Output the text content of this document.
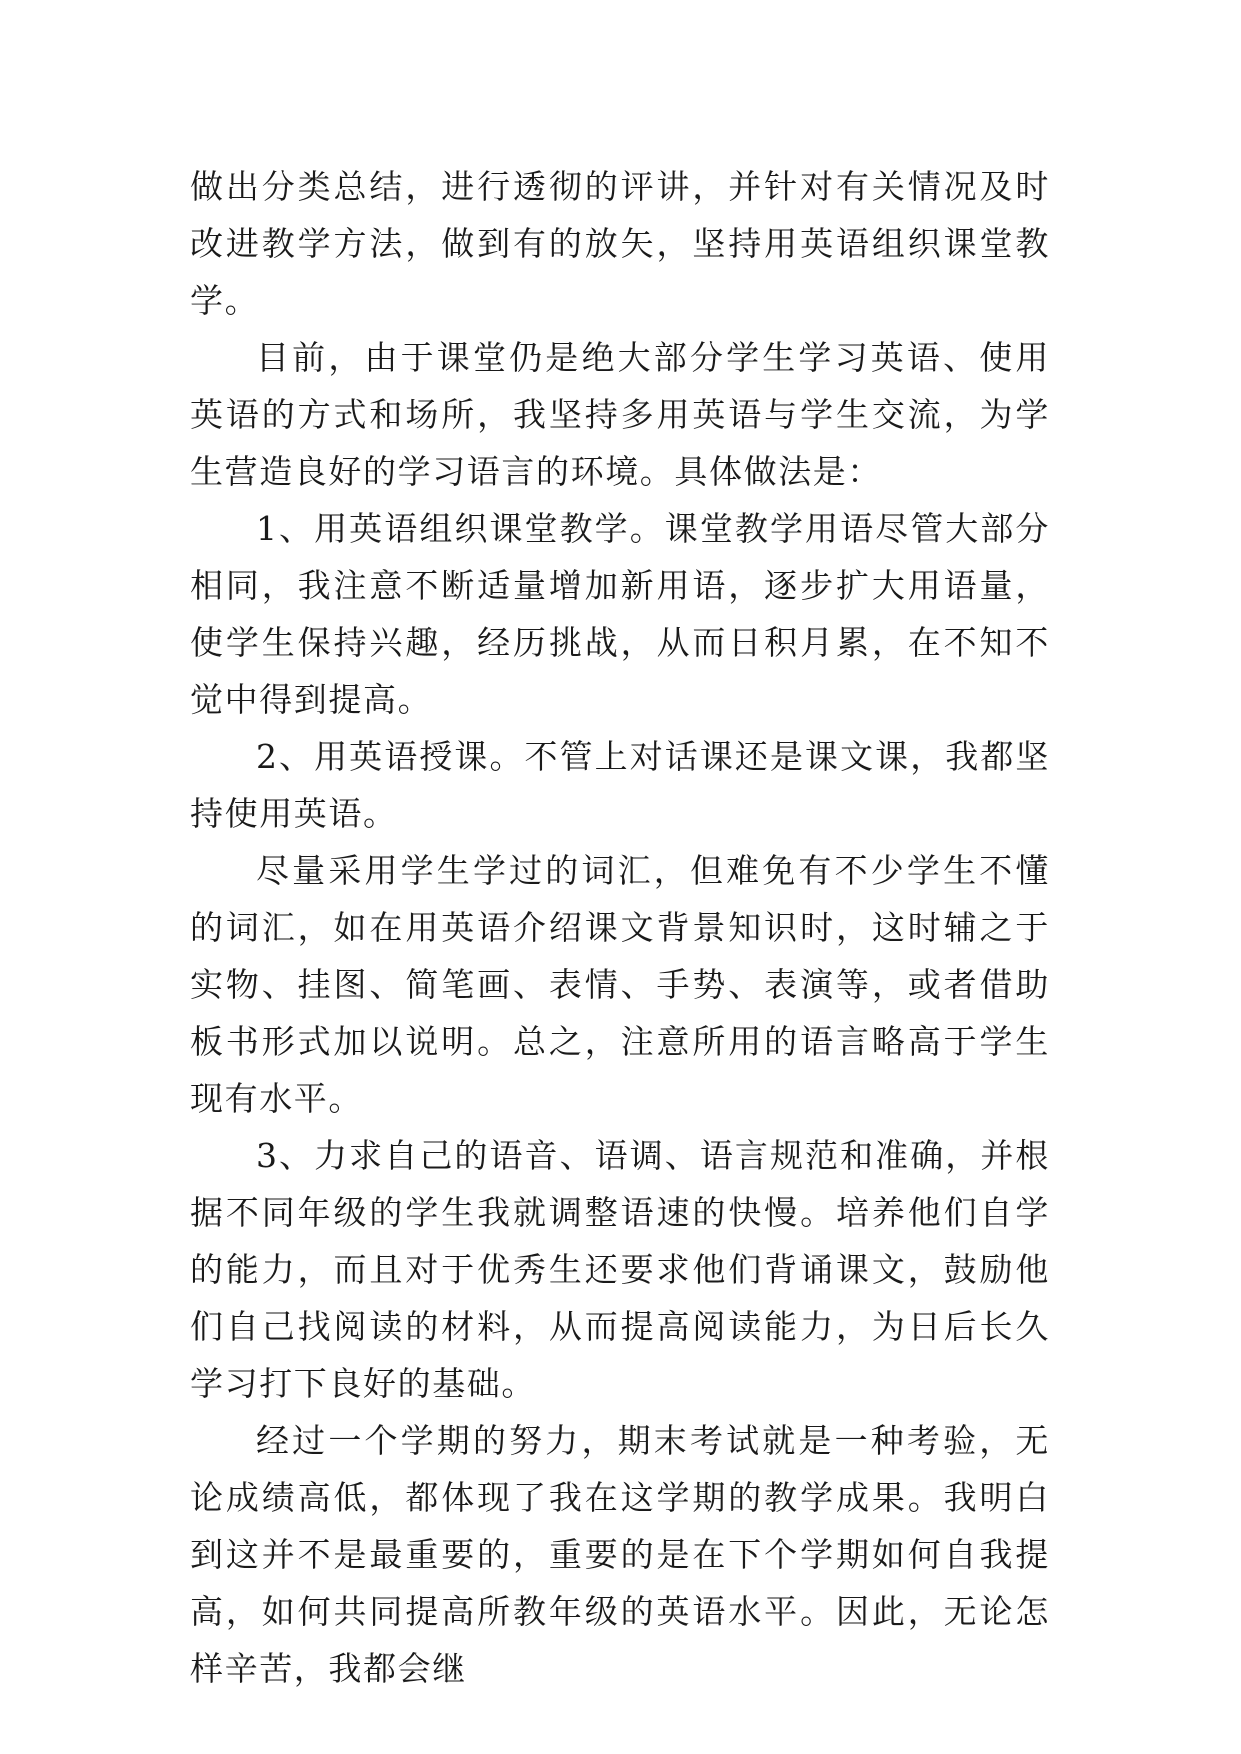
做出分类总结，进行透彻的评讲，并针对有关情况及时改进教学方法，做到有的放矢，坚持用英语组织课堂教学。

目前，由于课堂仍是绝大部分学生学习英语、使用英语的方式和场所，我坚持多用英语与学生交流，为学生营造良好的学习语言的环境。具体做法是：

1、用英语组织课堂教学。课堂教学用语尽管大部分相同，我注意不断适量增加新用语，逐步扩大用语量，使学生保持兴趣，经历挑战，从而日积月累，在不知不觉中得到提高。

2、用英语授课。不管上对话课还是课文课，我都坚持使用英语。

尽量采用学生学过的词汇，但难免有不少学生不懂的词汇，如在用英语介绍课文背景知识时，这时辅之于实物、挂图、简笔画、表情、手势、表演等，或者借助板书形式加以说明。总之，注意所用的语言略高于学生现有水平。

3、力求自己的语音、语调、语言规范和准确，并根据不同年级的学生我就调整语速的快慢。培养他们自学的能力，而且对于优秀生还要求他们背诵课文，鼓励他们自己找阅读的材料，从而提高阅读能力，为日后长久学习打下良好的基础。

经过一个学期的努力，期末考试就是一种考验，无论成绩高低，都体现了我在这学期的教学成果。我明白到这并不是最重要的，重要的是在下个学期如何自我提高，如何共同提高所教年级的英语水平。因此，无论怎样辛苦，我都会继
